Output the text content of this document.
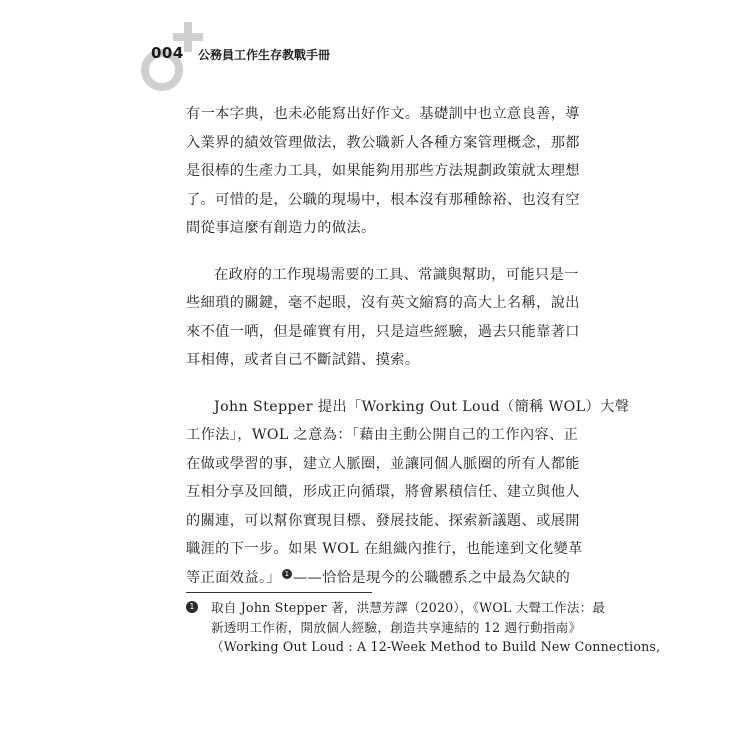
004 公務員工作生存教戰手冊

有一本字典，也未必能寫出好作文。基礎訓中也立意良善，導
入業界的績效管理做法，教公職新人各種方案管理概念，那都
是很棒的生產力工具，如果能夠用那些方法規劃政策就太理想
了。可惜的是，公職的現場中，根本沒有那種餘裕、也沒有空
間從事這麼有創造力的做法。

在政府的工作現場需要的工具、常識與幫助，可能只是一
些細瑣的關鍵，毫不起眼，沒有英文縮寫的高大上名稱，說出
來不值一哂，但是確實有用，只是這些經驗，過去只能靠著口
耳相傳，或者自己不斷試錯、摸索。

John Stepper 提出「Working Out Loud（簡稱 WOL）大聲
工作法」，WOL 之意為：「藉由主動公開自己的工作內容、正
在做或學習的事，建立人脈圈，並讓同個人脈圈的所有人都能
互相分享及回饋，形成正向循環，將會累積信任、建立與他人
的關連，可以幫你實現目標、發展技能、探索新議題、或展開
職涯的下一步。如果 WOL 在組織內推行，也能達到文化變革
等正面效益。」 1 ——恰恰是現今的公職體系之中最為欠缺的

1	取自 John Stepper 著，洪慧芳譯（2020），《WOL 大聲工作法：最
新透明工作術，開放個人經驗，創造共享連結的 12 週行動指南》
（Working Out Loud : A 12-Week Method to Build New Connections,
